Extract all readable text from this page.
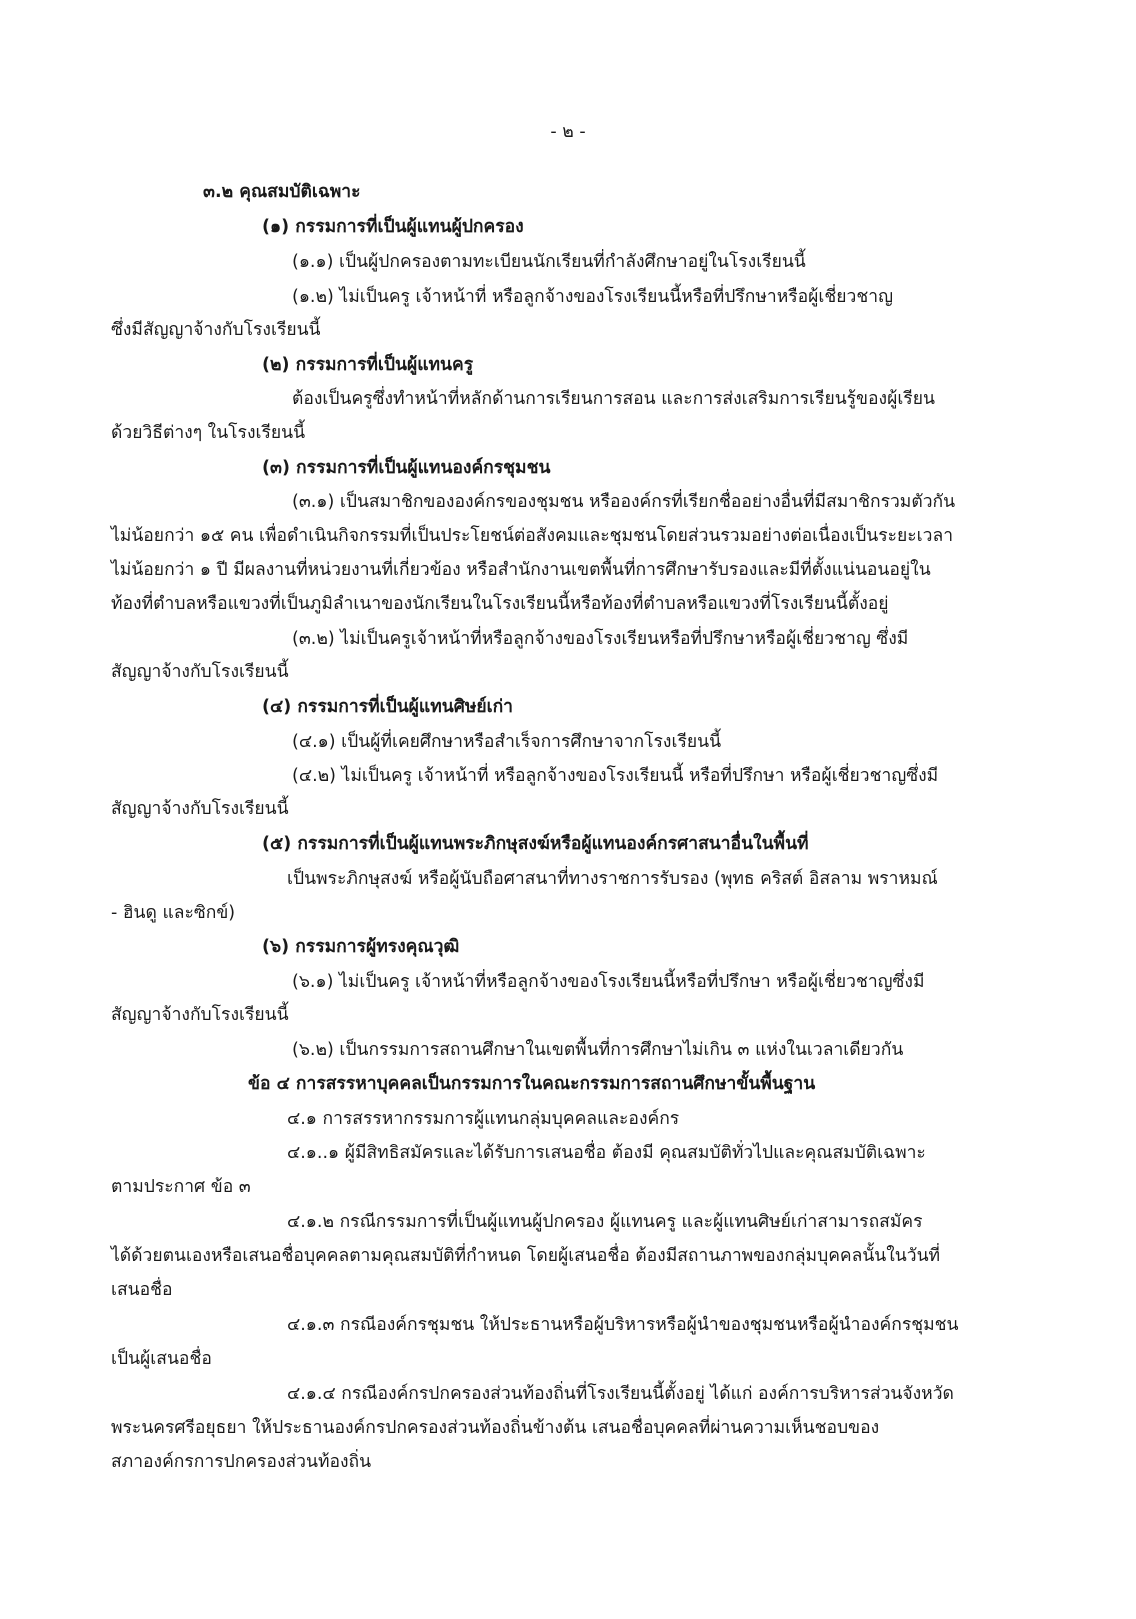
- ๒ -

๓.๒ คุณสมบัติเฉพาะ

(๑) กรรมการที่เป็นผู้แทนผู้ปกครอง

(๑.๑) เป็นผู้ปกครองตามทะเบียนนักเรียนที่กำลังศึกษาอยู่ในโรงเรียนนี้

(๑.๒) ไม่เป็นครู เจ้าหน้าที่ หรือลูกจ้างของโรงเรียนนี้หรือที่ปรึกษาหรือผู้เชี่ยวชาญ

ซึ่งมีสัญญาจ้างกับโรงเรียนนี้

(๒) กรรมการที่เป็นผู้แทนครู

ต้องเป็นครูซึ่งทำหน้าที่หลักด้านการเรียนการสอน และการส่งเสริมการเรียนรู้ของผู้เรียน

ด้วยวิธีต่างๆ ในโรงเรียนนี้

(๓) กรรมการที่เป็นผู้แทนองค์กรชุมชน

(๓.๑) เป็นสมาชิกขององค์กรของชุมชน หรือองค์กรที่เรียกชื่ออย่างอื่นที่มีสมาชิกรวมตัวกัน

ไม่น้อยกว่า ๑๕ คน เพื่อดำเนินกิจกรรมที่เป็นประโยชน์ต่อสังคมและชุมชนโดยส่วนรวมอย่างต่อเนื่องเป็นระยะเวลา

ไม่น้อยกว่า ๑ ปี มีผลงานที่หน่วยงานที่เกี่ยวข้อง หรือสำนักงานเขตพื้นที่การศึกษารับรองและมีที่ตั้งแน่นอนอยู่ใน

ท้องที่ตำบลหรือแขวงที่เป็นภูมิลำเนาของนักเรียนในโรงเรียนนี้หรือท้องที่ตำบลหรือแขวงที่โรงเรียนนี้ตั้งอยู่

(๓.๒) ไม่เป็นครูเจ้าหน้าที่หรือลูกจ้างของโรงเรียนหรือที่ปรึกษาหรือผู้เชี่ยวชาญ ซึ่งมี

สัญญาจ้างกับโรงเรียนนี้

(๔) กรรมการที่เป็นผู้แทนศิษย์เก่า

(๔.๑) เป็นผู้ที่เคยศึกษาหรือสำเร็จการศึกษาจากโรงเรียนนี้

(๔.๒) ไม่เป็นครู เจ้าหน้าที่ หรือลูกจ้างของโรงเรียนนี้ หรือที่ปรึกษา หรือผู้เชี่ยวชาญซึ่งมี

สัญญาจ้างกับโรงเรียนนี้

(๕) กรรมการที่เป็นผู้แทนพระภิกษุสงฆ์หรือผู้แทนองค์กรศาสนาอื่นในพื้นที่

เป็นพระภิกษุสงฆ์ หรือผู้นับถือศาสนาที่ทางราชการรับรอง (พุทธ คริสต์ อิสลาม พราหมณ์

- ฮินดู และซิกข์)

(๖) กรรมการผู้ทรงคุณวุฒิ

(๖.๑) ไม่เป็นครู เจ้าหน้าที่หรือลูกจ้างของโรงเรียนนี้หรือที่ปรึกษา หรือผู้เชี่ยวชาญซึ่งมี

สัญญาจ้างกับโรงเรียนนี้

(๖.๒) เป็นกรรมการสถานศึกษาในเขตพื้นที่การศึกษาไม่เกิน ๓ แห่งในเวลาเดียวกัน

ข้อ ๔ การสรรหาบุคคลเป็นกรรมการในคณะกรรมการสถานศึกษาขั้นพื้นฐาน

๔.๑ การสรรหากรรมการผู้แทนกลุ่มบุคคลและองค์กร

๔.๑..๑ ผู้มีสิทธิสมัครและได้รับการเสนอชื่อ ต้องมี คุณสมบัติทั่วไปและคุณสมบัติเฉพาะ

ตามประกาศ ข้อ ๓

๔.๑.๒ กรณีกรรมการที่เป็นผู้แทนผู้ปกครอง ผู้แทนครู และผู้แทนศิษย์เก่าสามารถสมัคร

ได้ด้วยตนเองหรือเสนอชื่อบุคคลตามคุณสมบัติที่กำหนด โดยผู้เสนอชื่อ ต้องมีสถานภาพของกลุ่มบุคคลนั้นในวันที่

เสนอชื่อ

๔.๑.๓ กรณีองค์กรชุมชน ให้ประธานหรือผู้บริหารหรือผู้นำของชุมชนหรือผู้นำองค์กรชุมชน

เป็นผู้เสนอชื่อ

๔.๑.๔ กรณีองค์กรปกครองส่วนท้องถิ่นที่โรงเรียนนี้ตั้งอยู่ ได้แก่ องค์การบริหารส่วนจังหวัด

พระนครศรีอยุธยา ให้ประธานองค์กรปกครองส่วนท้องถิ่นข้างต้น เสนอชื่อบุคคลที่ผ่านความเห็นชอบของ

สภาองค์กรการปกครองส่วนท้องถิ่น
